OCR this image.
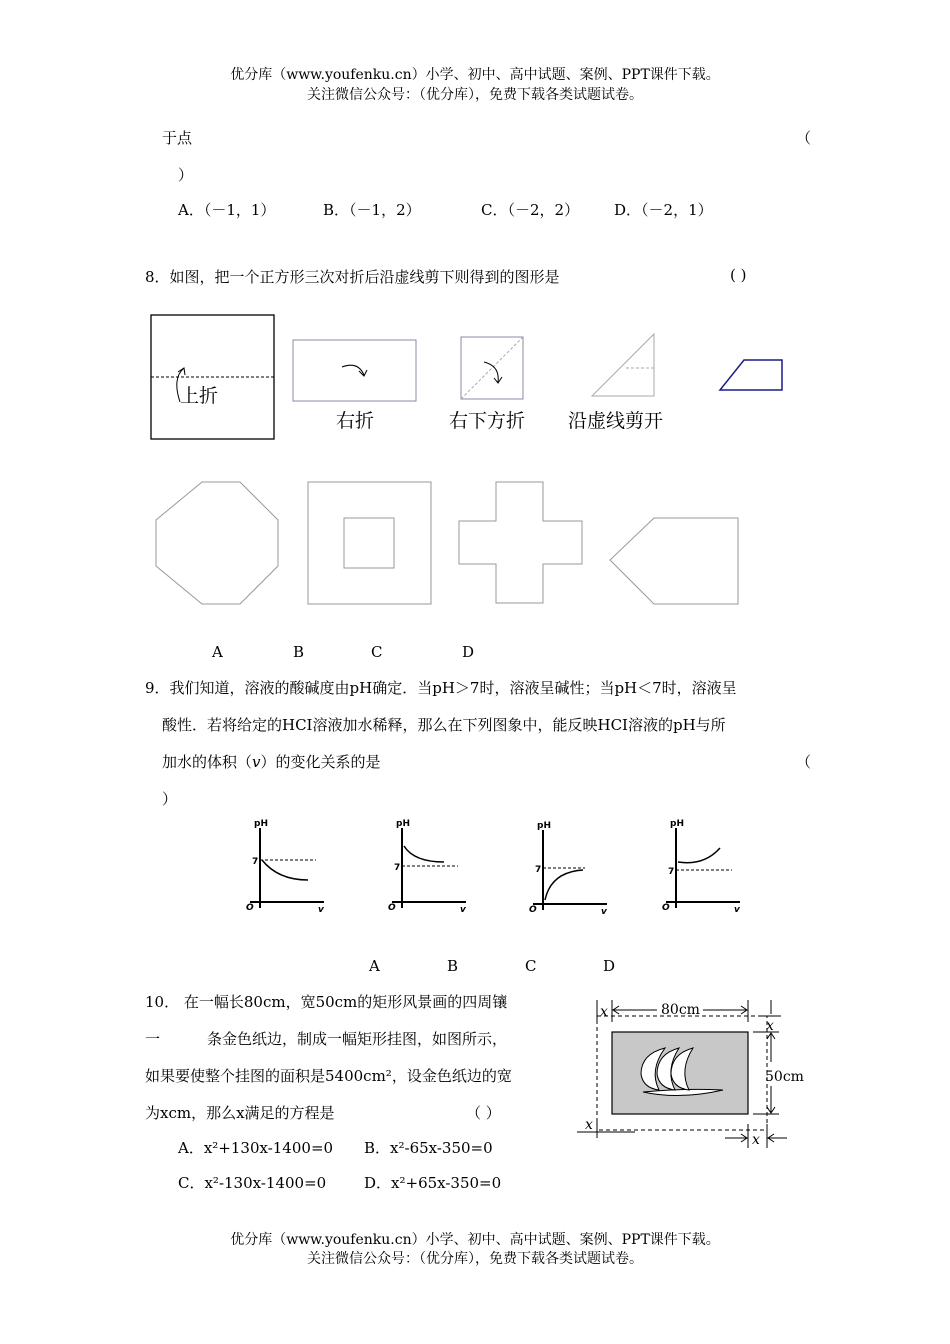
优分库（www.youfenku.cn）小学、初中、高中试题、案例、PPT课件下载。
关注微信公众号：（优分库），免费下载各类试题试卷。
于点	（
）
A．（－1，1）	B．（－1，2）	C．（－2，2） D．（－2，1）
8．如图，把一个正方形三次对折后沿虚线剪下则得到的图形是	( )
上折
右折	右下方折 沿虚线剪开
A	B	C	D
9．我们知道，溶液的酸碱度由pH确定．当pH＞7时，溶液呈碱性；当pH＜7时，溶液呈
酸性．若将给定的HCI溶液加水稀释，那么在下列图象中，能反映HCI溶液的pH与所
加水的体积（v）的变化关系的是	（
）
pH
7
O	v
pH
7
O	v
pH
7
O	v
pH
7
O	v
A	B	C	D
10． 在一幅长80cm，宽50cm的矩形风景画的四周镶
一	条金色纸边，制成一幅矩形挂图，如图所示，
如果要使整个挂图的面积是5400cm²，设金色纸边的宽
为xcm，那么x满足的方程是	（ ）
A．x²+130x-1400=0 B．x²-65x-350=0
C．x²-130x-1400=0	D．x²+65x-350=0
80cm
x
50cm
x
x
x
优分库（www.youfenku.cn）小学、初中、高中试题、案例、PPT课件下载。
关注微信公众号：（优分库），免费下载各类试题试卷。
